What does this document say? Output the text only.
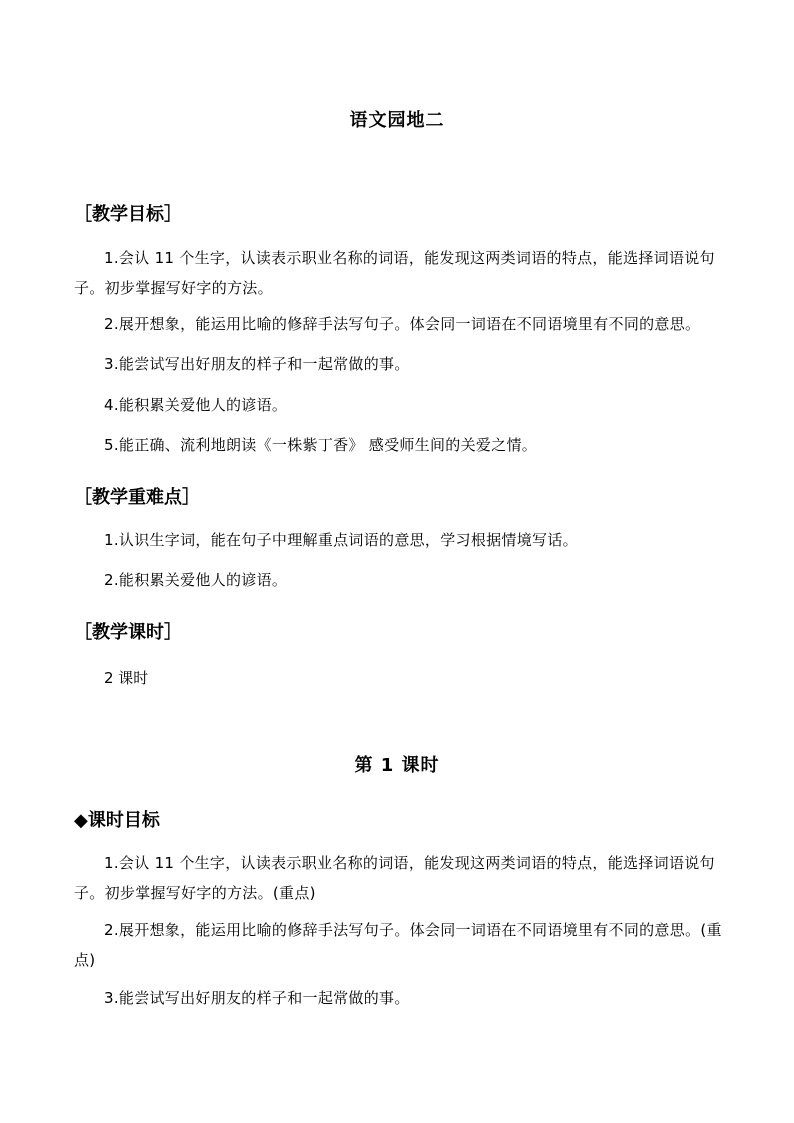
语文园地二
［教学目标］
1.会认 11 个生字，认读表示职业名称的词语，能发现这两类词语的特点，能选择词语说句子。初步掌握写好字的方法。
2.展开想象，能运用比喻的修辞手法写句子。体会同一词语在不同语境里有不同的意思。
3.能尝试写出好朋友的样子和一起常做的事。
4.能积累关爱他人的谚语。
5.能正确、流利地朗读《一株紫丁香》 感受师生间的关爱之情。
［教学重难点］
1.认识生字词，能在句子中理解重点词语的意思，学习根据情境写话。
2.能积累关爱他人的谚语。
［教学课时］
2 课时
第 1 课时
◆课时目标
1.会认 11 个生字，认读表示职业名称的词语，能发现这两类词语的特点，能选择词语说句子。初步掌握写好字的方法。(重点)
2.展开想象，能运用比喻的修辞手法写句子。体会同一词语在不同语境里有不同的意思。(重点)
3.能尝试写出好朋友的样子和一起常做的事。
